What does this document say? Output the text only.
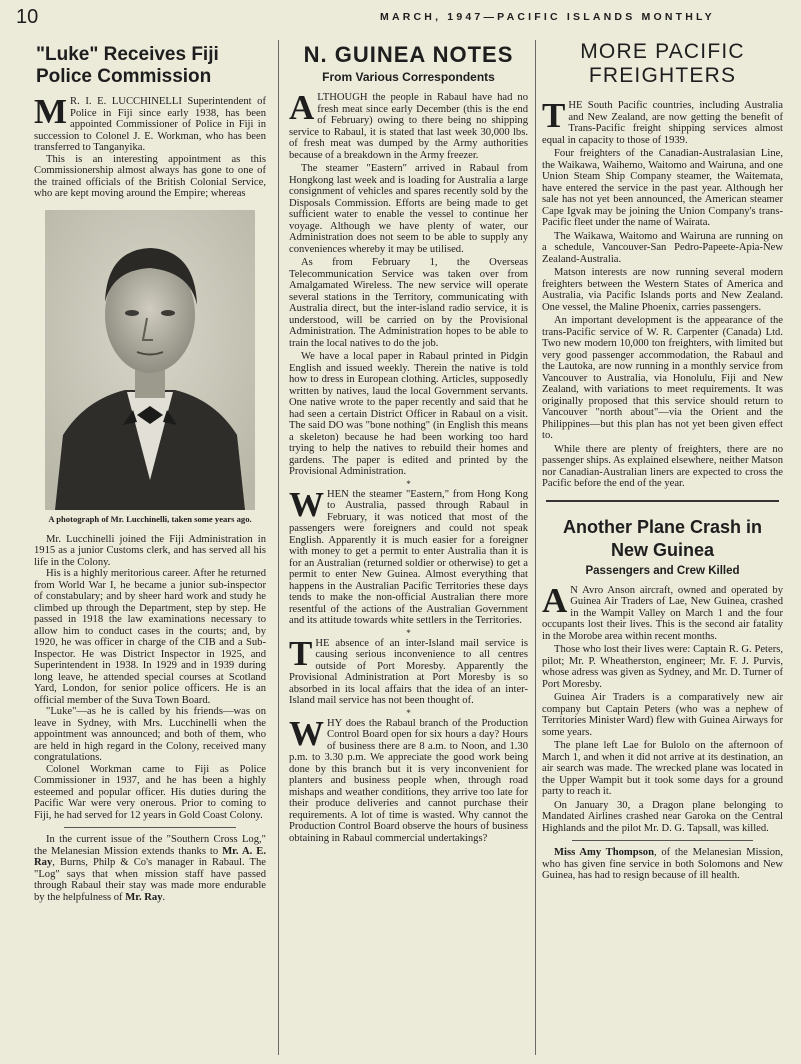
10	MARCH, 1947—PACIFIC ISLANDS MONTHLY
"Luke" Receives Fiji Police Commission

M R. I. E. LUCCHINELLI Superintendent of Police in Fiji since early 1938, has been appointed Commissioner of Police in Fiji in succession to Colonel J. E. Workman, who has been transferred to Tanganyika.

This is an interesting appointment as this Commissionership almost always has gone to one of the trained officials of the British Colonial Service, who are kept moving around the Empire; whereas

A photograph of Mr. Lucchinelli, taken some years ago.

Mr. Lucchinelli joined the Fiji Administration in 1915 as a junior Customs clerk, and has served all his life in the Colony.

His is a highly meritorious career. After he returned from World War I, he became a junior sub-inspector of constabulary; and by sheer hard work and study he climbed up through the Department, step by step. He passed in 1918 the law examinations necessary to allow him to conduct cases in the courts; and, by 1920, he was officer in charge of the CIB and a Sub-Inspector. He was District Inspector in 1925, and Superintendent in 1938. In 1929 and in 1939 during long leave, he attended special courses at Scotland Yard, London, for senior police officers. He is an official member of the Suva Town Board.

"Luke"—as he is called by his friends—was on leave in Sydney, with Mrs. Lucchinelli when the appointment was announced; and both of them, who are held in high regard in the Colony, received many congratulations.

Colonel Workman came to Fiji as Police Commissioner in 1937, and he has been a highly esteemed and popular officer. His duties during the Pacific War were very onerous. Prior to coming to Fiji, he had served for 12 years in Gold Coast Colony.

In the current issue of the "Southern Cross Log," the Melanesian Mission extends thanks to Mr. A. E. Ray, Burns, Philp & Co's manager in Rabaul. The "Log" says that when mission staff have passed through Rabaul their stay was made more endurable by the helpfulness of Mr. Ray.

N. GUINEA NOTES
From Various Correspondents

ALTHOUGH the people in Rabaul have had no fresh meat since early December (this is the end of February) owing to there being no shipping service to Rabaul, it is stated that last week 30,000 lbs. of fresh meat was dumped by the Army authorities because of a breakdown in the Army freezer.

The steamer "Eastern" arrived in Rabaul from Hongkong last week and is loading for Australia a large consignment of vehicles and spares recently sold by the Disposals Commission. Efforts are being made to get sufficient water to enable the vessel to continue her voyage. Although we have plenty of water, our Administration does not seem to be able to supply any conveniences whereby it may be utilised.

As from February 1, the Overseas Telecommunication Service was taken over from Amalgamated Wireless. The new service will operate several stations in the Territory, communicating with Australia direct, but the inter-island radio service, it is understood, will be carried on by the Provisional Administration. The Administration hopes to be able to train the local natives to do the job.

We have a local paper in Rabaul printed in Pidgin English and issued weekly. Therein the native is told how to dress in European clothing. Articles, supposedly written by natives, laud the local Government servants. One native wrote to the paper recently and said that he had seen a certain District Officer in Rabaul on a visit. The said DO was "bone nothing" (in English this means a skeleton) because he had been working too hard trying to help the natives to rebuild their homes and gardens. The paper is edited and printed by the Provisional Administration.

*

WHEN the steamer "Eastern," from Hong Kong to Australia, passed through Rabaul in February, it was noticed that most of the passengers were foreigners and could not speak English. Apparently it is much easier for a foreigner with money to get a permit to enter Australia than it is for an Australian (returned soldier or otherwise) to get a permit to enter New Guinea. Almost everything that happens in the Australian Pacific Territories these days tends to make the non-official Australian there more resentful of the actions of the Australian Government and its attitude towards white settlers in the Territories.

*

THE absence of an inter-Island mail service is causing serious inconvenience to all centres outside of Port Moresby. Apparently the Provisional Administration at Port Moresby is so absorbed in its local affairs that the idea of an inter-Island mail service has not been thought of.

*

WHY does the Rabaul branch of the Production Control Board open for six hours a day? Hours of business there are 8 a.m. to Noon, and 1.30 p.m. to 3.30 p.m. We appreciate the good work being done by this branch but it is very inconvenient for planters and business people when, through road mishaps and weather conditions, they arrive too late for their produce deliveries and cannot purchase their requirements. A lot of time is wasted. Why cannot the Production Control Board observe the hours of business obtaining in Rabaul commercial undertakings?

MORE PACIFIC FREIGHTERS

THE South Pacific countries, including Australia and New Zealand, are now getting the benefit of Trans-Pacific freight shipping services almost equal in capacity to those of 1939.

Four freighters of the Canadian-Australasian Line, the Waikawa, Waihemo, Waitomo and Wairuna, and one Union Steam Ship Company steamer, the Waitemata, have entered the service in the past year. Although her sale has not yet been announced, the American steamer Cape Igvak may be joining the Union Company's trans-Pacific fleet under the name of Wairata.

The Waikawa, Waitomo and Wairuna are running on a schedule, Vancouver-San Pedro-Papeete-Apia-New Zealand-Australia.

Matson interests are now running several modern freighters between the Western States of America and Australia, via Pacific Islands ports and New Zealand. One vessel, the Maline Phoenix, carries passengers.

An important development is the appearance of the trans-Pacific service of W. R. Carpenter (Canada) Ltd. Two new modern 10,000 ton freighters, with limited but very good passenger accommodation, the Rabaul and the Lautoka, are now running in a monthly service from Vancouver to Australia, via Honolulu, Fiji and New Zealand, with variations to meet requirements. It was originally proposed that this service should return to Vancouver "north about"—via the Orient and the Philippines—but this plan has not yet been given effect to.

While there are plenty of freighters, there are no passenger ships. As explained elsewhere, neither Matson nor Canadian-Australian liners are expected to cross the Pacific before the end of the year.

Another Plane Crash in New Guinea
Passengers and Crew Killed

A N Avro Anson aircraft, owned and operated by Guinea Air Traders of Lae, New Guinea, crashed in the Wampit Valley on March 1 and the four occupants lost their lives. This is the second air fatality in the Morobe area within recent months.

Those who lost their lives were: Captain R. G. Peters, pilot; Mr. P. Wheatherston, engineer; Mr. F. J. Purvis, whose adress was given as Sydney, and Mr. D. Turner of Port Moresby.

Guinea Air Traders is a comparatively new air company but Captain Peters (who was a nephew of Territories Minister Ward) flew with Guinea Airways for some years.

The plane left Lae for Bulolo on the afternoon of March 1, and when it did not arrive at its destination, an air search was made. The wrecked plane was located in the Upper Wampit but it took some days for a ground party to reach it.

On January 30, a Dragon plane belonging to Mandated Airlines crashed near Garoka on the Central Highlands and the pilot Mr. D. G. Tapsall, was killed.

Miss Amy Thompson, of the Melanesian Mission, who has given fine service in both Solomons and New Guinea, has had to resign because of ill health.
